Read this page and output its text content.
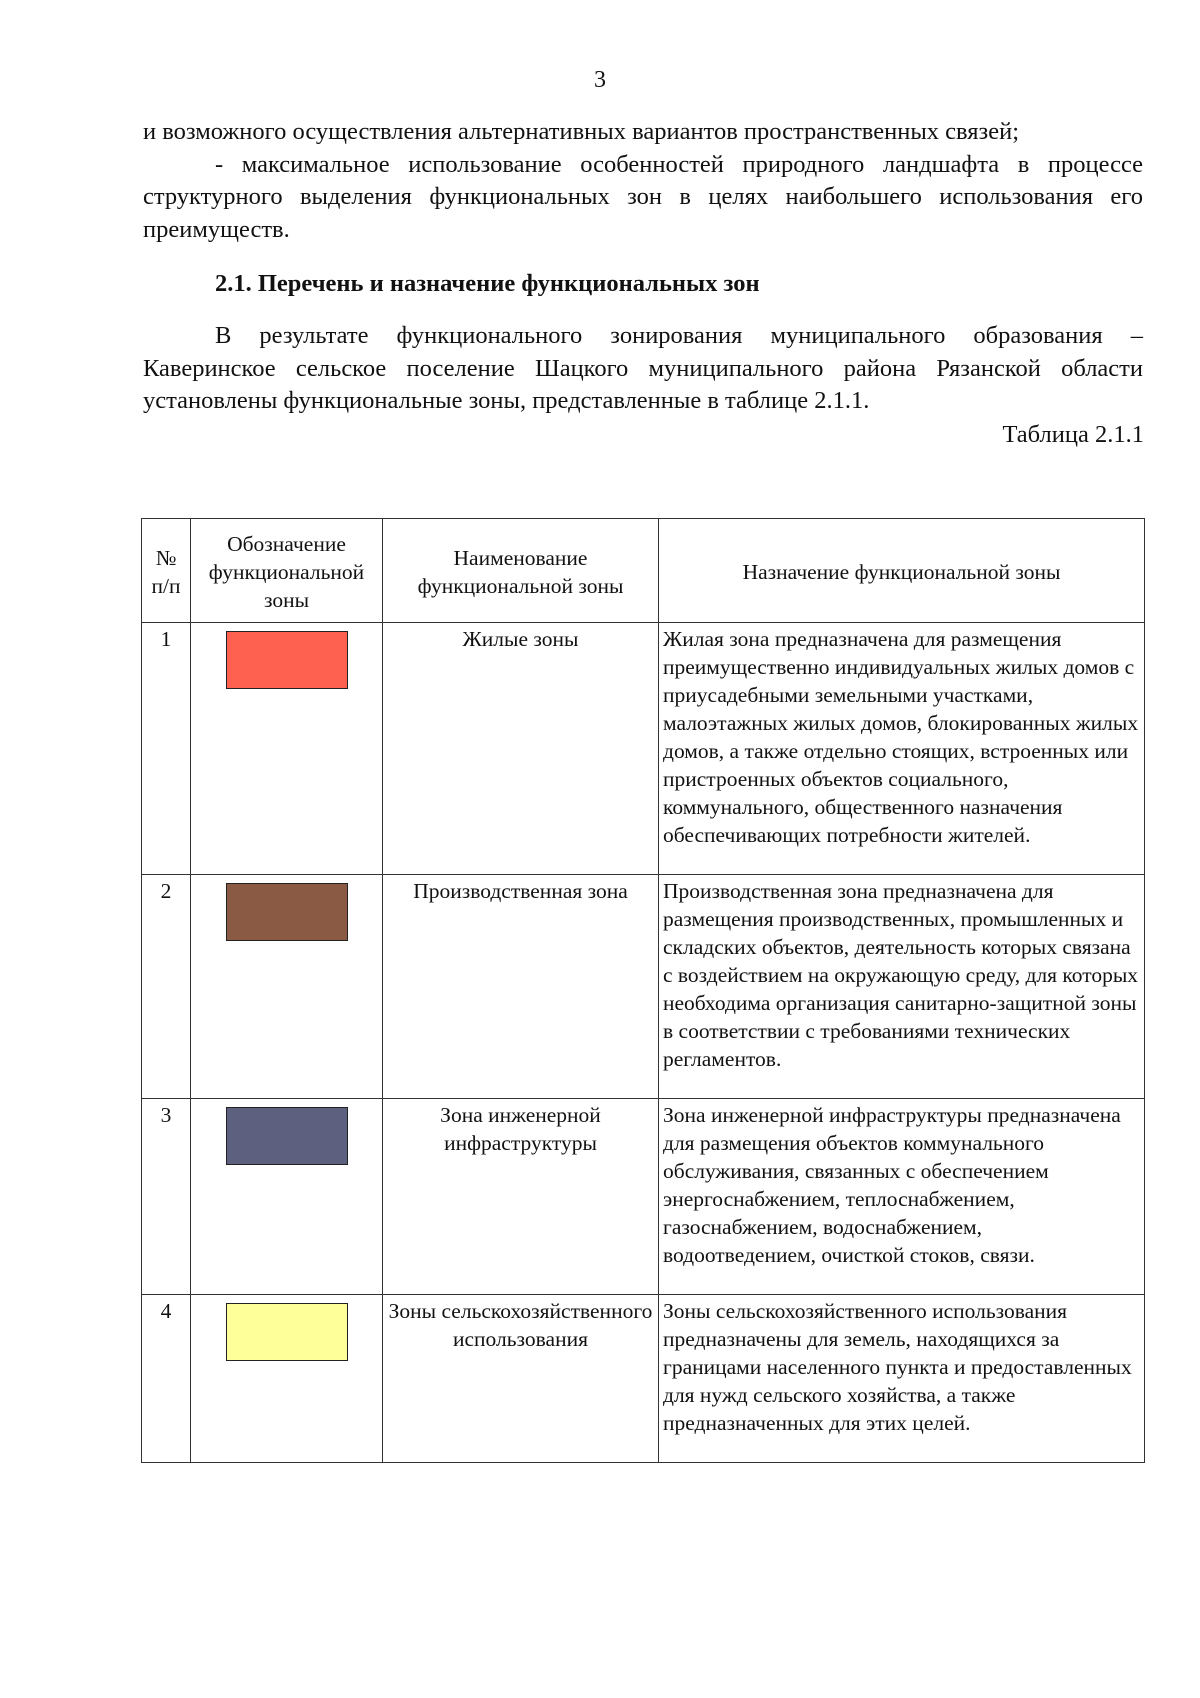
3

и возможного осуществления альтернативных вариантов пространственных связей;

- максимальное использование особенностей природного ландшафта в процессе структурного выделения функциональных зон в целях наибольшего использования его преимуществ.

2.1. Перечень и назначение функциональных зон

В результате функционального зонирования муниципального образования – Каверинское сельское поселение Шацкого муниципального района Рязанской области установлены функциональные зоны, представленные в таблице 2.1.1.

Таблица 2.1.1
№ п/п	Обозначение функциональной зоны	Наименование функциональной зоны	Назначение функциональной зоны
1		Жилые зоны	Жилая зона предназначена для размещения преимущественно индивидуальных жилых домов с приусадебными земельными участками, малоэтажных жилых домов, блокированных жилых домов, а также отдельно стоящих, встроенных или пристроенных объектов социального, коммунального, общественного назначения обеспечивающих потребности жителей.
2		Производственная зона	Производственная зона предназначена для размещения производственных, промышленных и складских объектов, деятельность которых связана с воздействием на окружающую среду, для которых необходима организация санитарно-защитной зоны в соответствии с требованиями технических регламентов.
3		Зона инженерной инфраструктуры	Зона инженерной инфраструктуры предназначена для размещения объектов коммунального обслуживания, связанных с обеспечением энергоснабжением, теплоснабжением, газоснабжением, водоснабжением, водоотведением, очисткой стоков, связи.
4		Зоны сельскохозяйственного использования	Зоны сельскохозяйственного использования предназначены для земель, находящихся за границами населенного пункта и предоставленных для нужд сельского хозяйства, а также предназначенных для этих целей.
